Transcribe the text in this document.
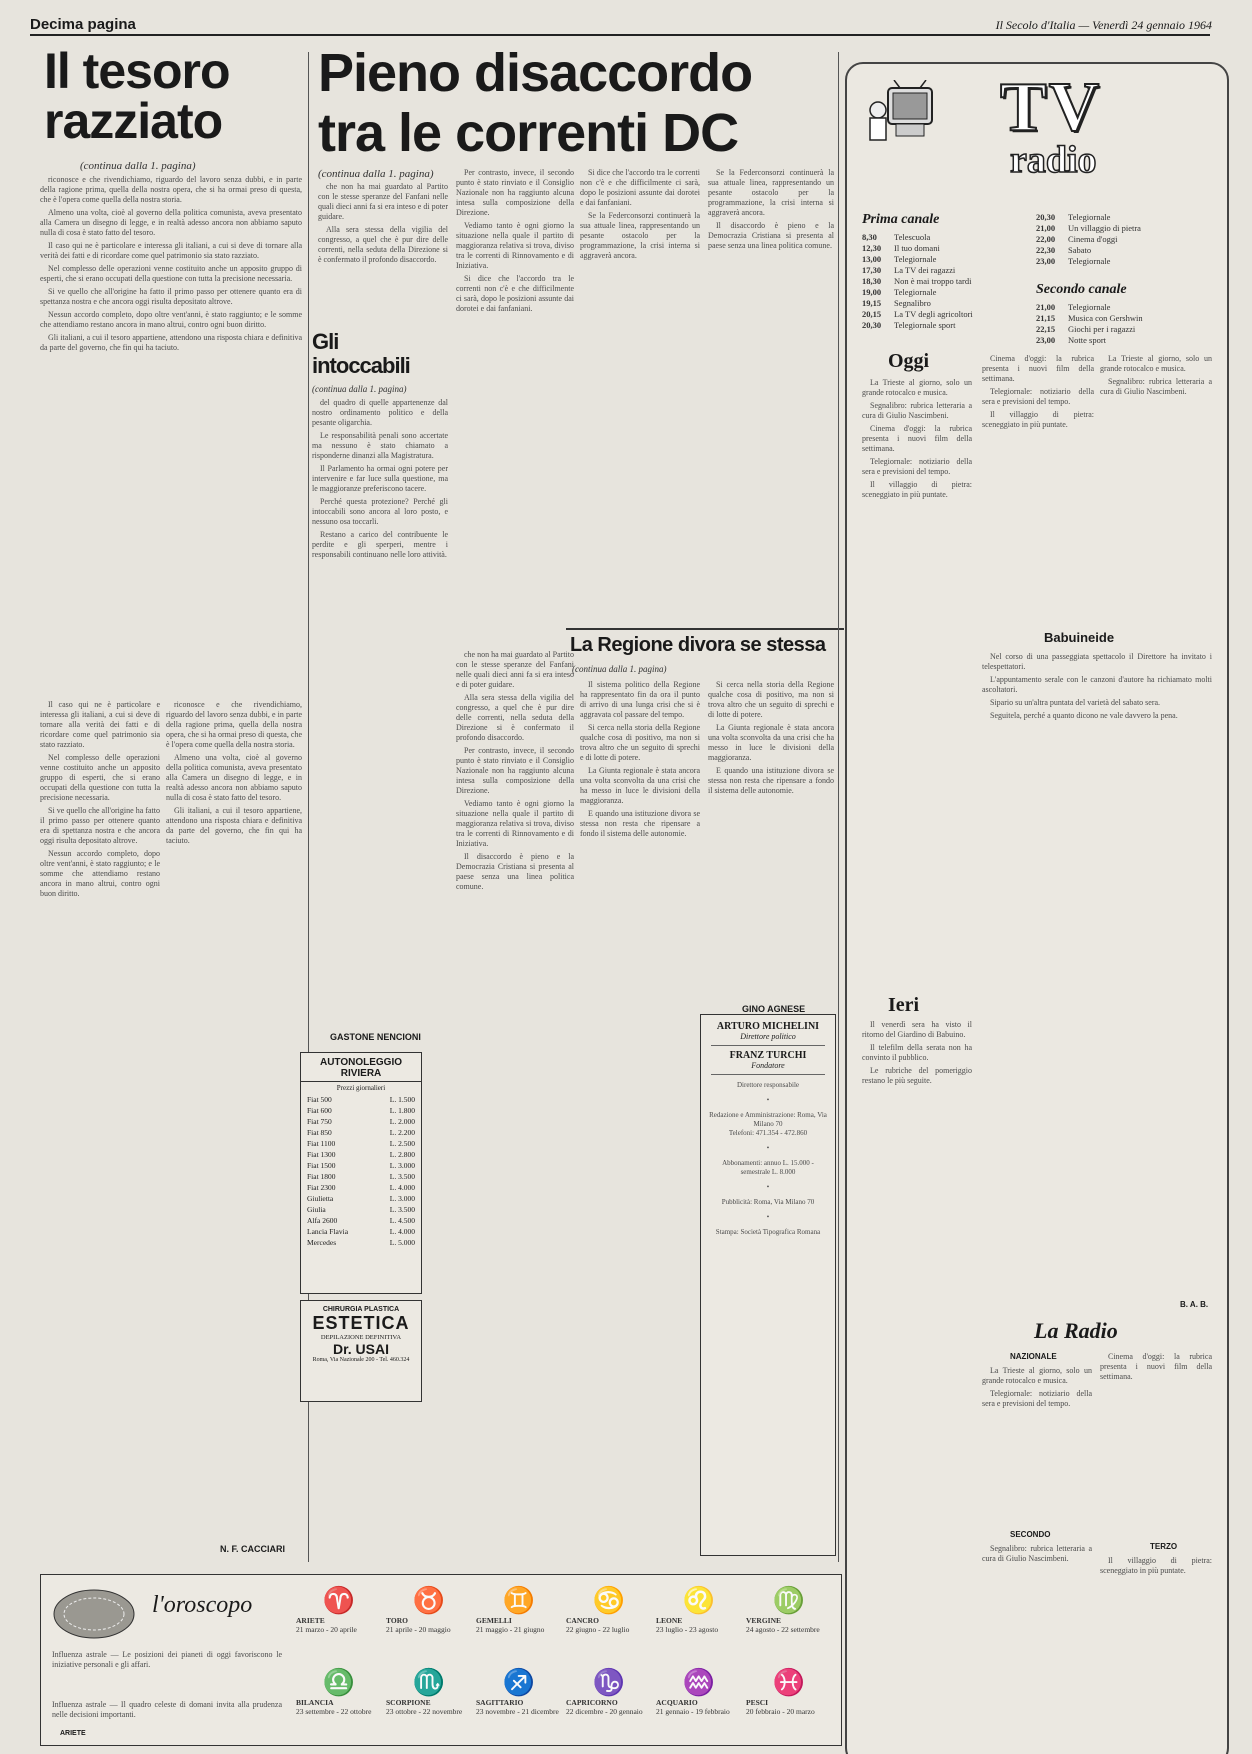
Decima pagina	Il Secolo d'Italia — Venerdì 24 gennaio 1964
Il tesoro
razziato
(continua dalla 1. pagina)

riconosce e che rivendichiamo, riguardo del lavoro senza dubbi, e in parte della ragione prima, quella della nostra opera, che si ha ormai preso di questa, che è l'opera come quella della nostra storia.

Almeno una volta, cioè al governo della politica comunista, aveva presentato alla Camera un disegno di legge, e in realtà adesso ancora non abbiamo saputo nulla di cosa è stato fatto del tesoro.

Il caso qui ne è particolare e interessa gli italiani, a cui si deve di tornare alla verità dei fatti e di ricordare come quel patrimonio sia stato razziato.

Nel complesso delle operazioni venne costituito anche un apposito gruppo di esperti, che si erano occupati della questione con tutta la precisione necessaria.

Si ve quello che all'origine ha fatto il primo passo per ottenere quanto era di spettanza nostra e che ancora oggi risulta depositato altrove.

Nessun accordo completo, dopo oltre vent'anni, è stato raggiunto; e le somme che attendiamo restano ancora in mano altrui, contro ogni buon diritto.

Gli italiani, a cui il tesoro appartiene, attendono una risposta chiara e definitiva da parte del governo, che fin qui ha taciuto.

Il caso qui ne è particolare e interessa gli italiani, a cui si deve di tornare alla verità dei fatti e di ricordare come quel patrimonio sia stato razziato.

Nel complesso delle operazioni venne costituito anche un apposito gruppo di esperti, che si erano occupati della questione con tutta la precisione necessaria.

Si ve quello che all'origine ha fatto il primo passo per ottenere quanto era di spettanza nostra e che ancora oggi risulta depositato altrove.

Nessun accordo completo, dopo oltre vent'anni, è stato raggiunto; e le somme che attendiamo restano ancora in mano altrui, contro ogni buon diritto.

riconosce e che rivendichiamo, riguardo del lavoro senza dubbi, e in parte della ragione prima, quella della nostra opera, che si ha ormai preso di questa, che è l'opera come quella della nostra storia.

Almeno una volta, cioè al governo della politica comunista, aveva presentato alla Camera un disegno di legge, e in realtà adesso ancora non abbiamo saputo nulla di cosa è stato fatto del tesoro.

Gli italiani, a cui il tesoro appartiene, attendono una risposta chiara e definitiva da parte del governo, che fin qui ha taciuto.

N. F. CACCIARI
Pieno disaccordo
tra le correnti DC
(continua dalla 1. pagina)

che non ha mai guardato al Partito con le stesse speranze del Fanfani nelle quali dieci anni fa si era inteso e di poter guidare.

Alla sera stessa della vigilia del congresso, a quel che è pur dire delle correnti, nella seduta della Direzione si è confermato il profondo disaccordo.

Per contrasto, invece, il secondo punto è stato rinviato e il Consiglio Nazionale non ha raggiunto alcuna intesa sulla composizione della Direzione.

Vediamo tanto è ogni giorno la situazione nella quale il partito di maggioranza relativa si trova, diviso tra le correnti di Rinnovamento e di Iniziativa.

Si dice che l'accordo tra le correnti non c'è e che difficilmente ci sarà, dopo le posizioni assunte dai dorotei e dai fanfaniani.

Si dice che l'accordo tra le correnti non c'è e che difficilmente ci sarà, dopo le posizioni assunte dai dorotei e dai fanfaniani.

Se la Federconsorzi continuerà la sua attuale linea, rappresentando un pesante ostacolo per la programmazione, la crisi interna si aggraverà ancora.

Se la Federconsorzi continuerà la sua attuale linea, rappresentando un pesante ostacolo per la programmazione, la crisi interna si aggraverà ancora.

Il disaccordo è pieno e la Democrazia Cristiana si presenta al paese senza una linea politica comune.

Gli
intoccabili
(continua dalla 1. pagina)

del quadro di quelle appartenenze dal nostro ordinamento politico e della pesante oligarchia.

Le responsabilità penali sono accertate ma nessuno è stato chiamato a risponderne dinanzi alla Magistratura.

Il Parlamento ha ormai ogni potere per intervenire e far luce sulla questione, ma le maggioranze preferiscono tacere.

Perché questa protezione? Perché gli intoccabili sono ancora al loro posto, e nessuno osa toccarli.

Restano a carico del contribuente le perdite e gli sperperi, mentre i responsabili continuano nelle loro attività.

GASTONE NENCIONI
AUTONOLEGGIO RIVIERA
Prezzi giornalieri
Fiat 500	L. 1.500
Fiat 600	L. 1.800
Fiat 750	L. 2.000
Fiat 850	L. 2.200
Fiat 1100	L. 2.500
Fiat 1300	L. 2.800
Fiat 1500	L. 3.000
Fiat 1800	L. 3.500
Fiat 2300	L. 4.000
Giulietta	L. 3.000
Giulia	L. 3.500
Alfa 2600	L. 4.500
Lancia Flavia	L. 4.000
Mercedes	L. 5.000
CHIRURGIA PLASTICA
ESTETICA
DEPILAZIONE DEFINITIVA
Dr. USAI
Roma, Via Nazionale 200 - Tel. 460.324

che non ha mai guardato al Partito con le stesse speranze del Fanfani nelle quali dieci anni fa si era inteso e di poter guidare.

Alla sera stessa della vigilia del congresso, a quel che è pur dire delle correnti, nella seduta della Direzione si è confermato il profondo disaccordo.

Per contrasto, invece, il secondo punto è stato rinviato e il Consiglio Nazionale non ha raggiunto alcuna intesa sulla composizione della Direzione.

Vediamo tanto è ogni giorno la situazione nella quale il partito di maggioranza relativa si trova, diviso tra le correnti di Rinnovamento e di Iniziativa.

Il disaccordo è pieno e la Democrazia Cristiana si presenta al paese senza una linea politica comune.

La Regione divora se stessa
(continua dalla 1. pagina)

Il sistema politico della Regione ha rappresentato fin da ora il punto di arrivo di una lunga crisi che si è aggravata col passare del tempo.

Si cerca nella storia della Regione qualche cosa di positivo, ma non si trova altro che un seguito di sprechi e di lotte di potere.

La Giunta regionale è stata ancora una volta sconvolta da una crisi che ha messo in luce le divisioni della maggioranza.

E quando una istituzione divora se stessa non resta che ripensare a fondo il sistema delle autonomie.

Si cerca nella storia della Regione qualche cosa di positivo, ma non si trova altro che un seguito di sprechi e di lotte di potere.

La Giunta regionale è stata ancora una volta sconvolta da una crisi che ha messo in luce le divisioni della maggioranza.

E quando una istituzione divora se stessa non resta che ripensare a fondo il sistema delle autonomie.

GINO AGNESE
ARTURO MICHELINI
Direttore politico
FRANZ TURCHI
Fondatore
Direttore responsabile
•
Redazione e Amministrazione: Roma, Via Milano 70
Telefoni: 471.354 - 472.860
•
Abbonamenti: annuo L. 15.000 - semestrale L. 8.000
•
Pubblicità: Roma, Via Milano 70
•
Stampa: Società Tipografica Romana
TV
radio
Prima canale
8,30	Telescuola
12,30	Il tuo domani
13,00	Telegiornale
17,30	La TV dei ragazzi
18,30	Non è mai troppo tardi
19,00	Telegiornale
19,15	Segnalibro
20,15	La TV degli agricoltori
20,30	Telegiornale sport
20,30	Telegiornale
21,00	Un villaggio di pietra
22,00	Cinema d'oggi
22,30	Sabato
23,00	Telegiornale
Secondo canale
21,00	Telegiornale
21,15	Musica con Gershwin
22,15	Giochi per i ragazzi
23,00	Notte sport
Oggi

La Trieste al giorno, solo un grande rotocalco e musica.

Segnalibro: rubrica letteraria a cura di Giulio Nascimbeni.

Cinema d'oggi: la rubrica presenta i nuovi film della settimana.

Telegiornale: notiziario della sera e previsioni del tempo.

Il villaggio di pietra: sceneggiato in più puntate.

Cinema d'oggi: la rubrica presenta i nuovi film della settimana.

Telegiornale: notiziario della sera e previsioni del tempo.

Il villaggio di pietra: sceneggiato in più puntate.

La Trieste al giorno, solo un grande rotocalco e musica.

Segnalibro: rubrica letteraria a cura di Giulio Nascimbeni.

Ieri

Il venerdì sera ha visto il ritorno del Giardino di Babuino.

Il telefilm della serata non ha convinto il pubblico.

Le rubriche del pomeriggio restano le più seguite.

Babuineide

Nel corso di una passeggiata spettacolo il Direttore ha invitato i telespettatori.

L'appuntamento serale con le canzoni d'autore ha richiamato molti ascoltatori.

Sipario su un'altra puntata del varietà del sabato sera.

Seguitela, perché a quanto dicono ne vale davvero la pena.

B. A. B.
La Radio
NAZIONALE

La Trieste al giorno, solo un grande rotocalco e musica.

Telegiornale: notiziario della sera e previsioni del tempo.

SECONDO

Segnalibro: rubrica letteraria a cura di Giulio Nascimbeni.

Cinema d'oggi: la rubrica presenta i nuovi film della settimana.

TERZO

Il villaggio di pietra: sceneggiato in più puntate.

l'oroscopo
Influenza astrale — Le posizioni dei pianeti di oggi favoriscono le iniziative personali e gli affari.
Influenza astrale — Il quadro celeste di domani invita alla prudenza nelle decisioni importanti.
♈
ARIETE
21 marzo - 20 aprile
♉
TORO
21 aprile - 20 maggio
♊
GEMELLI
21 maggio - 21 giugno
♋
CANCRO
22 giugno - 22 luglio
♌
LEONE
23 luglio - 23 agosto
♍
VERGINE
24 agosto - 22 settembre
♎
BILANCIA
23 settembre - 22 ottobre
♏
SCORPIONE
23 ottobre - 22 novembre
♐
SAGITTARIO
23 novembre - 21 dicembre
♑
CAPRICORNO
22 dicembre - 20 gennaio
♒
ACQUARIO
21 gennaio - 19 febbraio
♓
PESCI
20 febbraio - 20 marzo
ARIETE
